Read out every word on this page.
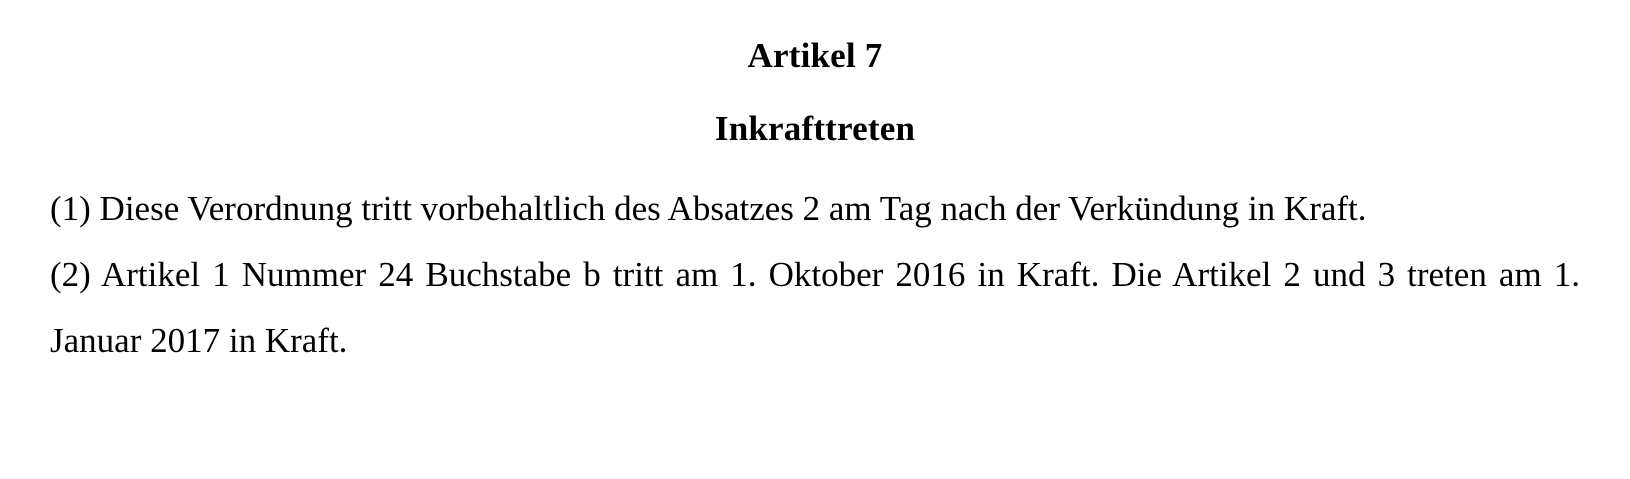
Artikel 7
Inkrafttreten

(1) Diese Verordnung tritt vorbehaltlich des Absatzes 2 am Tag nach der Verkündung in Kraft.

(2) Artikel 1 Nummer 24 Buchstabe b tritt am 1. Oktober 2016 in Kraft. Die Artikel 2 und 3 treten am 1. Januar 2017 in Kraft.
